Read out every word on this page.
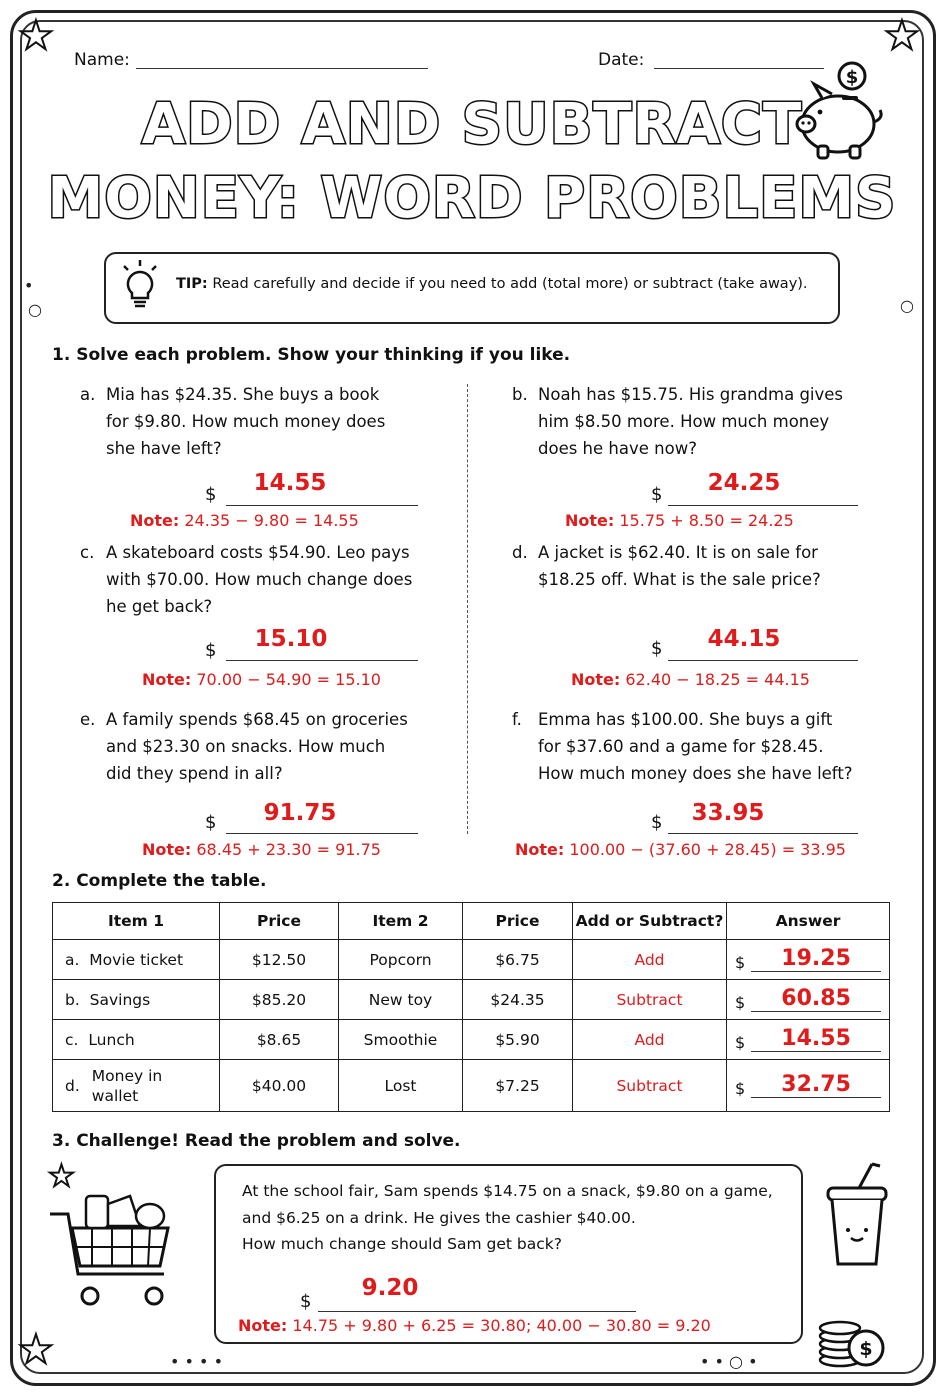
★	★
★
•
○	○
• • • •	• • ○ •
Name:	Date:
$
ADD AND SUBTRACT
MONEY: WORD PROBLEMS
TIP: Read carefully and decide if you need to add (total more) or subtract (take away).
1. Solve each problem. Show your thinking if you like.
a. Mia has $24.35. She buys a book
for $9.80. How much money does
she have left?
$	14.55
Note: 24.35 − 9.80 = 14.55
b. Noah has $15.75. His grandma gives
him $8.50 more. How much money
does he have now?
$	24.25
Note: 15.75 + 8.50 = 24.25
c. A skateboard costs $54.90. Leo pays
with $70.00. How much change does
he get back?
$	15.10
Note: 70.00 − 54.90 = 15.10
d. A jacket is $62.40. It is on sale for
$18.25 off. What is the sale price?
$	44.15
Note: 62.40 − 18.25 = 44.15
e. A family spends $68.45 on groceries
and $23.30 on snacks. How much
did they spend in all?
$	91.75
Note: 68.45 + 23.30 = 91.75
f. Emma has $100.00. She buys a gift
for $37.60 and a game for $28.45.
How much money does she have left?
$	33.95
Note: 100.00 − (37.60 + 28.45) = 33.95
2. Complete the table.
Item 1	Price	Item 2	Price	Add or Subtract?	Answer
a. Movie ticket	$12.50	Popcorn	$6.75	Add	$ 19.25

b. Savings	$85.20	New toy	$24.35	Subtract	$ 60.85

c. Lunch	$8.65	Smoothie	$5.90	Add	$ 14.55

d.
Money in wallet	$40.00	Lost	$7.25	Subtract	$ 32.75
3. Challenge! Read the problem and solve.
★	At the school fair, Sam spends $14.75 on a snack, $9.80 on a game,
and $6.25 on a drink. He gives the cashier $40.00.
How much change should Sam get back?
$
9.20
Note: 14.75 + 9.80 + 6.25 = 30.80; 40.00 − 30.80 = 9.20
$
